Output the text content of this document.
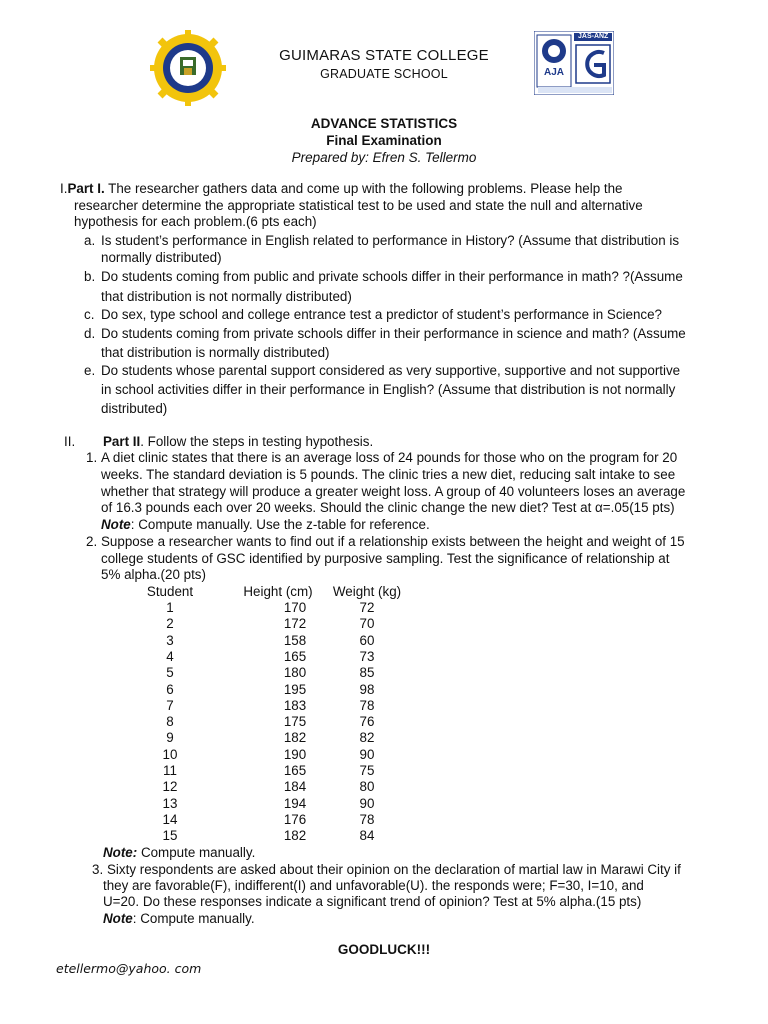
GUIMARAS STATE COLLEGE
GRADUATE SCHOOL
JAS-ANZ
AJA
ADVANCE STATISTICS
Final Examination
Prepared by: Efren S. Tellermo
I.Part I. The researcher gathers data and come up with the following problems. Please help the
researcher determine the appropriate statistical test to be used and state the null and alternative
hypothesis for each problem.(6 pts each)
a. Is student’s performance in English related to performance in History? (Assume that distribution is
normally distributed)
b. Do students coming from public and private schools differ in their performance in math? ?(Assume
that distribution is not normally distributed)
c. Do sex, type school and college entrance test a predictor of student’s performance in Science?
d. Do students coming from private schools differ in their performance in science and math? (Assume
that distribution is normally distributed)
e. Do students whose parental support considered as very supportive, supportive and not supportive
in school activities differ in their performance in English? (Assume that distribution is not normally
distributed)
II. Part II. Follow the steps in testing hypothesis.
1. A diet clinic states that there is an average loss of 24 pounds for those who on the program for 20
weeks. The standard deviation is 5 pounds. The clinic tries a new diet, reducing salt intake to see
whether that strategy will produce a greater weight loss. A group of 40 volunteers loses an average
of 16.3 pounds each over 20 weeks. Should the clinic change the new diet? Test at α=.05(15 pts)
Note: Compute manually. Use the z-table for reference.
2. Suppose a researcher wants to find out if a relationship exists between the height and weight of 15
college students of GSC identified by purposive sampling. Test the significance of relationship at
5% alpha.(20 pts)
Student	Height (cm)	Weight (kg)
1	170	72
2	172	70
3	158	60
4	165	73
5	180	85
6	195	98
7	183	78
8	175	76
9	182	82
10	190	90
11	165	75
12	184	80
13	194	90
14	176	78
15	182	84
Note: Compute manually.
3. Sixty respondents are asked about their opinion on the declaration of martial law in Marawi City if
they are favorable(F), indifferent(I) and unfavorable(U). the responds were; F=30, I=10, and
U=20. Do these responses indicate a significant trend of opinion? Test at 5% alpha.(15 pts)
Note: Compute manually.
GOODLUCK!!!
etellermo@yahoo. com
